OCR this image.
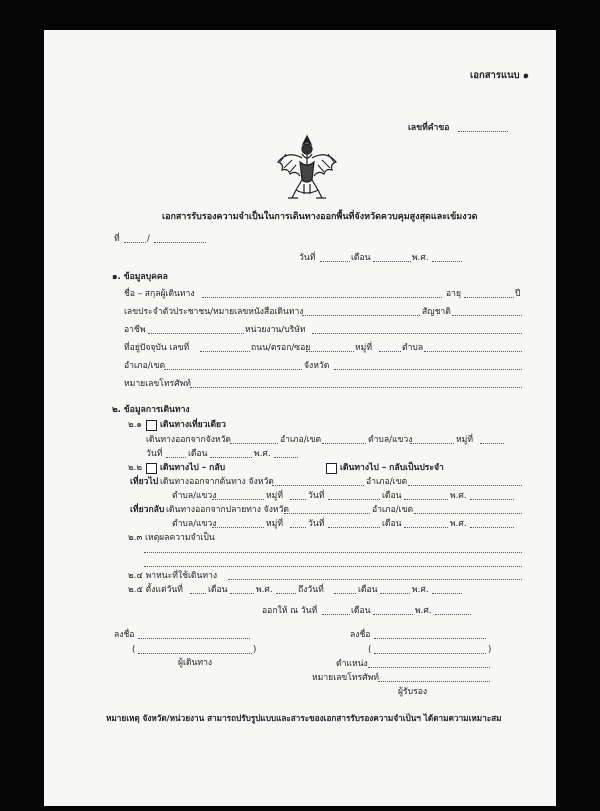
เอกสารแนบ ๑
เลขที่คำขอ
เอกสารรับรองความจำเป็นในการเดินทางออกพื้นที่จังหวัดควบคุมสูงสุดและเข้มงวด
ที่	/
วันที่	เดือน	พ.ศ.
๑. ข้อมูลบุคคล
ชื่อ – สกุลผู้เดินทาง	อายุ	ปี
เลขประจำตัวประชาชน/หมายเลขหนังสือเดินทาง	สัญชาติ
อาชีพ	หน่วยงาน/บริษัท
ที่อยู่ปัจจุบัน เลขที่	ถนน/ตรอก/ซอย	หมู่ที่	ตำบล
อำเภอ/เขต	จังหวัด
หมายเลขโทรศัพท์
๒. ข้อมูลการเดินทาง
๒.๑ เดินทางเที่ยวเดียว
เดินทางออกจากจังหวัด	อำเภอ/เขต	ตำบล/แขวง	หมู่ที่
วันที่	เดือน	พ.ศ.
๒.๒ เดินทางไป – กลับ	เดินทางไป – กลับเป็นประจำ
เที่ยวไป เดินทางออกจากต้นทาง จังหวัด	อำเภอ/เขต
ตำบล/แขวง	หมู่ที่	วันที่	เดือน	พ.ศ.
เที่ยวกลับ เดินทางออกจากปลายทาง จังหวัด	อำเภอ/เขต
ตำบล/แขวง	หมู่ที่	วันที่	เดือน	พ.ศ.
๒.๓ เหตุผลความจำเป็น
๒.๔ พาหนะที่ใช้เดินทาง
๒.๕ ตั้งแต่วันที่	เดือน	พ.ศ.	ถึงวันที่	เดือน	พ.ศ.
ออกให้ ณ วันที่	เดือน	พ.ศ.
ลงชื่อ
(	)
ผู้เดินทาง
ลงชื่อ
(	)
ตำแหน่ง
หมายเลขโทรศัพท์
ผู้รับรอง
หมายเหตุ จังหวัด/หน่วยงาน สามารถปรับรูปแบบและสาระของเอกสารรับรองความจำเป็นฯ ได้ตามความเหมาะสม
